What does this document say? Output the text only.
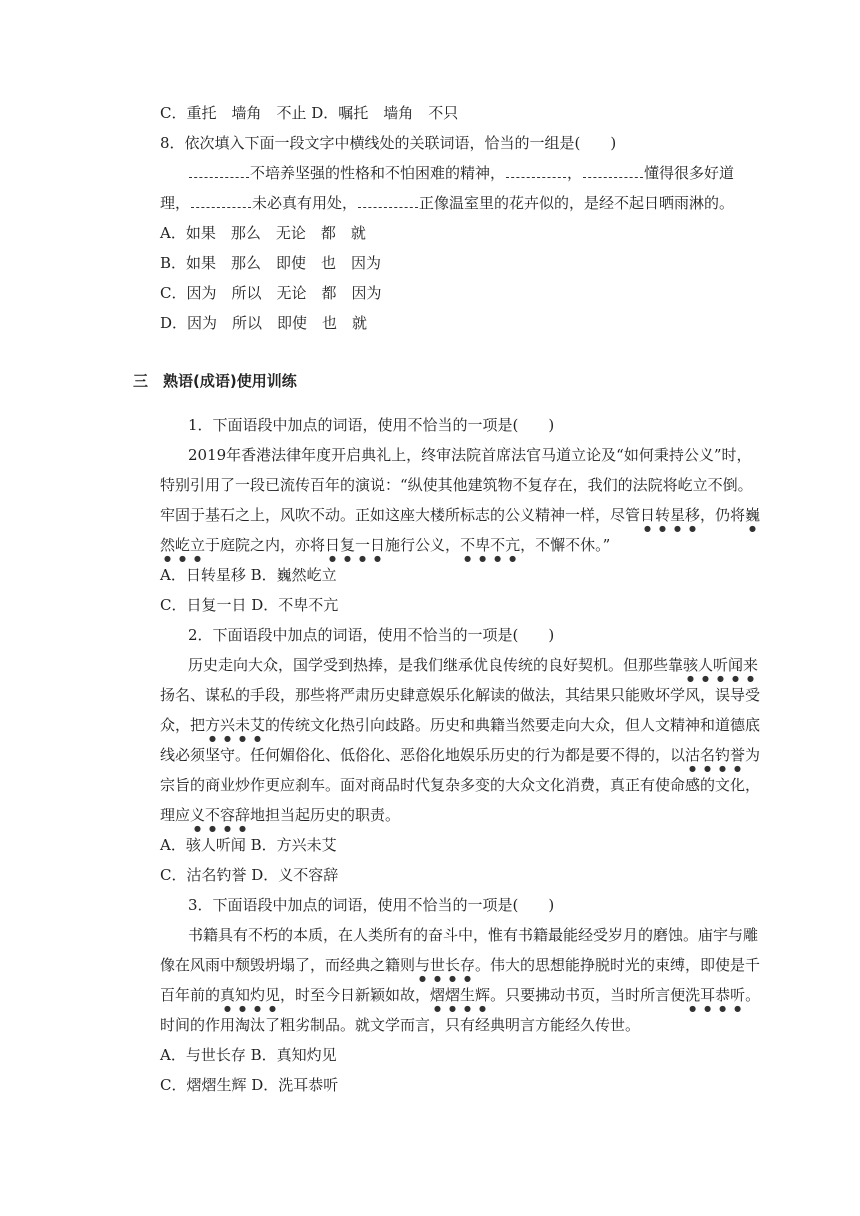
C．重托　墙角　不止 D．嘱托　墙角　不只
8．依次填入下面一段文字中横线处的关联词语，恰当的一组是(　　)
不培养坚强的性格和不怕困难的精神，	，	懂得很多好道
理，	未必真有用处，	正像温室里的花卉似的，是经不起日晒雨淋的。
A．如果　那么　无论　都　就
B．如果　那么　即使　也　因为
C．因为　所以　无论　都　因为
D．因为　所以　即使　也　就
三　熟语(成语)使用训练
1．下面语段中加点的词语，使用不恰当的一项是(　　)
2019年香港法律年度开启典礼上，终审法院首席法官马道立论及“如何秉持公义”时，
特别引用了一段已流传百年的演说：“纵使其他建筑物不复存在，我们的法院将屹立不倒。
牢固于基石之上，风吹不动。正如这座大楼所标志的公义精神一样，尽管日转星移，仍将巍
然屹立于庭院之内，亦将日复一日施行公义，不卑不亢，不懈不休。”
A．日转星移 B．巍然屹立
C．日复一日 D．不卑不亢
2．下面语段中加点的词语，使用不恰当的一项是(　　)
历史走向大众，国学受到热捧，是我们继承优良传统的良好契机。但那些靠骇人听闻来
扬名、谋私的手段，那些将严肃历史肆意娱乐化解读的做法，其结果只能败坏学风，误导受
众，把方兴未艾的传统文化热引向歧路。历史和典籍当然要走向大众，但人文精神和道德底
线必须坚守。任何媚俗化、低俗化、恶俗化地娱乐历史的行为都是要不得的，以沽名钓誉为
宗旨的商业炒作更应刹车。面对商品时代复杂多变的大众文化消费，真正有使命感的文化，
理应义不容辞地担当起历史的职责。
A．骇人听闻 B．方兴未艾
C．沽名钓誉 D．义不容辞
3．下面语段中加点的词语，使用不恰当的一项是(　　)
书籍具有不朽的本质，在人类所有的奋斗中，惟有书籍最能经受岁月的磨蚀。庙宇与雕
像在风雨中颓毁坍塌了，而经典之籍则与世长存。伟大的思想能挣脱时光的束缚，即使是千
百年前的真知灼见，时至今日新颖如故，熠熠生辉。只要拂动书页，当时所言便洗耳恭听。
时间的作用淘汰了粗劣制品。就文学而言，只有经典明言方能经久传世。
A．与世长存 B．真知灼见
C．熠熠生辉 D．洗耳恭听
